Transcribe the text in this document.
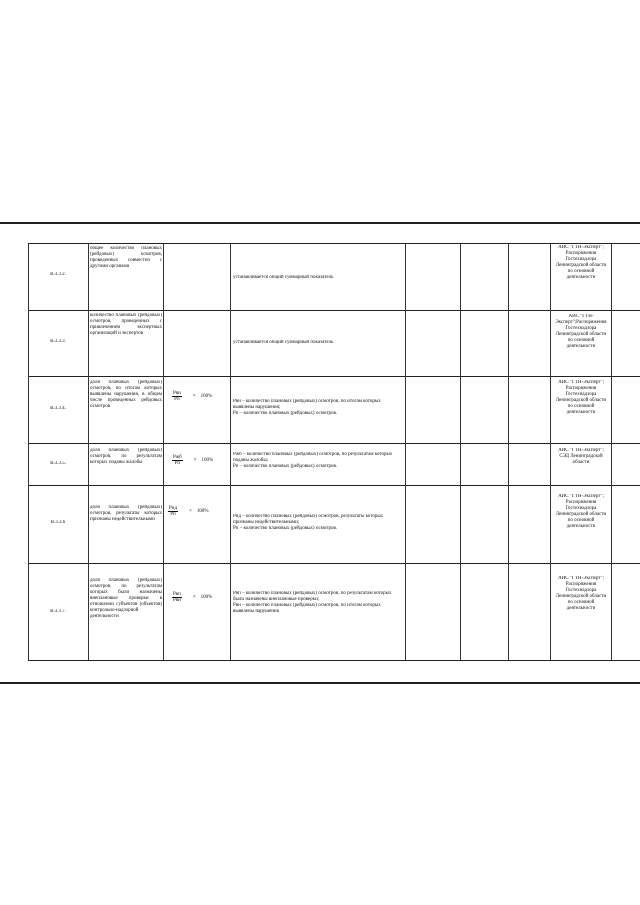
В.3.3.2.
общее количество плановых (рейдовых) осмотров, проведенных совместно с другими органами
устанавливается общий суммарный показатель
АИС "ГТН-Эксперт"; Распоряжения Гостехнадзора Ленинградской области по основной деятельности
В.3.3.3.
количество плановых (рейдовых) осмотров, проведенных с привлечением экспертных организаций и экспертов
устанавливается общий суммарный показатель
АИС "ГТН-Эксперт";Распоряжения Гостехнадзора Ленинградской области по основной деятельности
В.3.3.4.
доля плановых (рейдовых) осмотров, по итогам которых выявлены нарушения, в общем числе проведенных рейдовых осмотров
$\frac{\text{Pвн}}{Pп} \times 100\%$
Pвн – количество плановых (рейдовых) осмотров, по итогам которых выявлены нарушения;
Pп – количество плановых (рейдовых) осмотров.
АИС "ГТН-Эксперт"; Распоряжения Гостехнадзора Ленинградской области по основной деятельности
В.3.3.5.
доля плановых (рейдовых) осмотров, по результатам которых поданы жалобы	$\frac{\text{Pжб}}{Pп} \times 100\%$
Pжб – количество плановых (рейдовых) осмотров, по результатам которых поданы жалобы;
Pп – количество плановых (рейдовых) осмотров.
АИС "ГТН-Эксперт"; СЭД Ленинградской области
В.3.3.6
доля плановых (рейдовых) осмотров, результаты которых признаны недействительными
$\frac{\text{Pнд}}{Pп} \times 100\%$
Pнд – количество плановых (рейдовых) осмотров, результаты которых признаны недействительными;
Pп – количество плановых (рейдовых) осмотров.
АИС "ГТН-Эксперт"; Распоряжения Гостехнадзора Ленинградской области по основной деятельности
В.3.3.7.
доля плановых (рейдовых) осмотров, по результатам которых были назначены внеплановые проверки в отношении субъектов (объектов) контрольно-надзорной деятельности
$\frac{\text{Pвп}}{\text{Pвн}} \times 100\%$
Pвп – количество плановых (рейдовых) осмотров, по результатам которых были назначены внеплановые проверки;
Pвн – количество плановых (рейдовых) осмотров, по итогам которых выявлены нарушения
АИС "ГТН-Эксперт"; Распоряжения Гостехнадзора Ленинградской области по основной деятельности
